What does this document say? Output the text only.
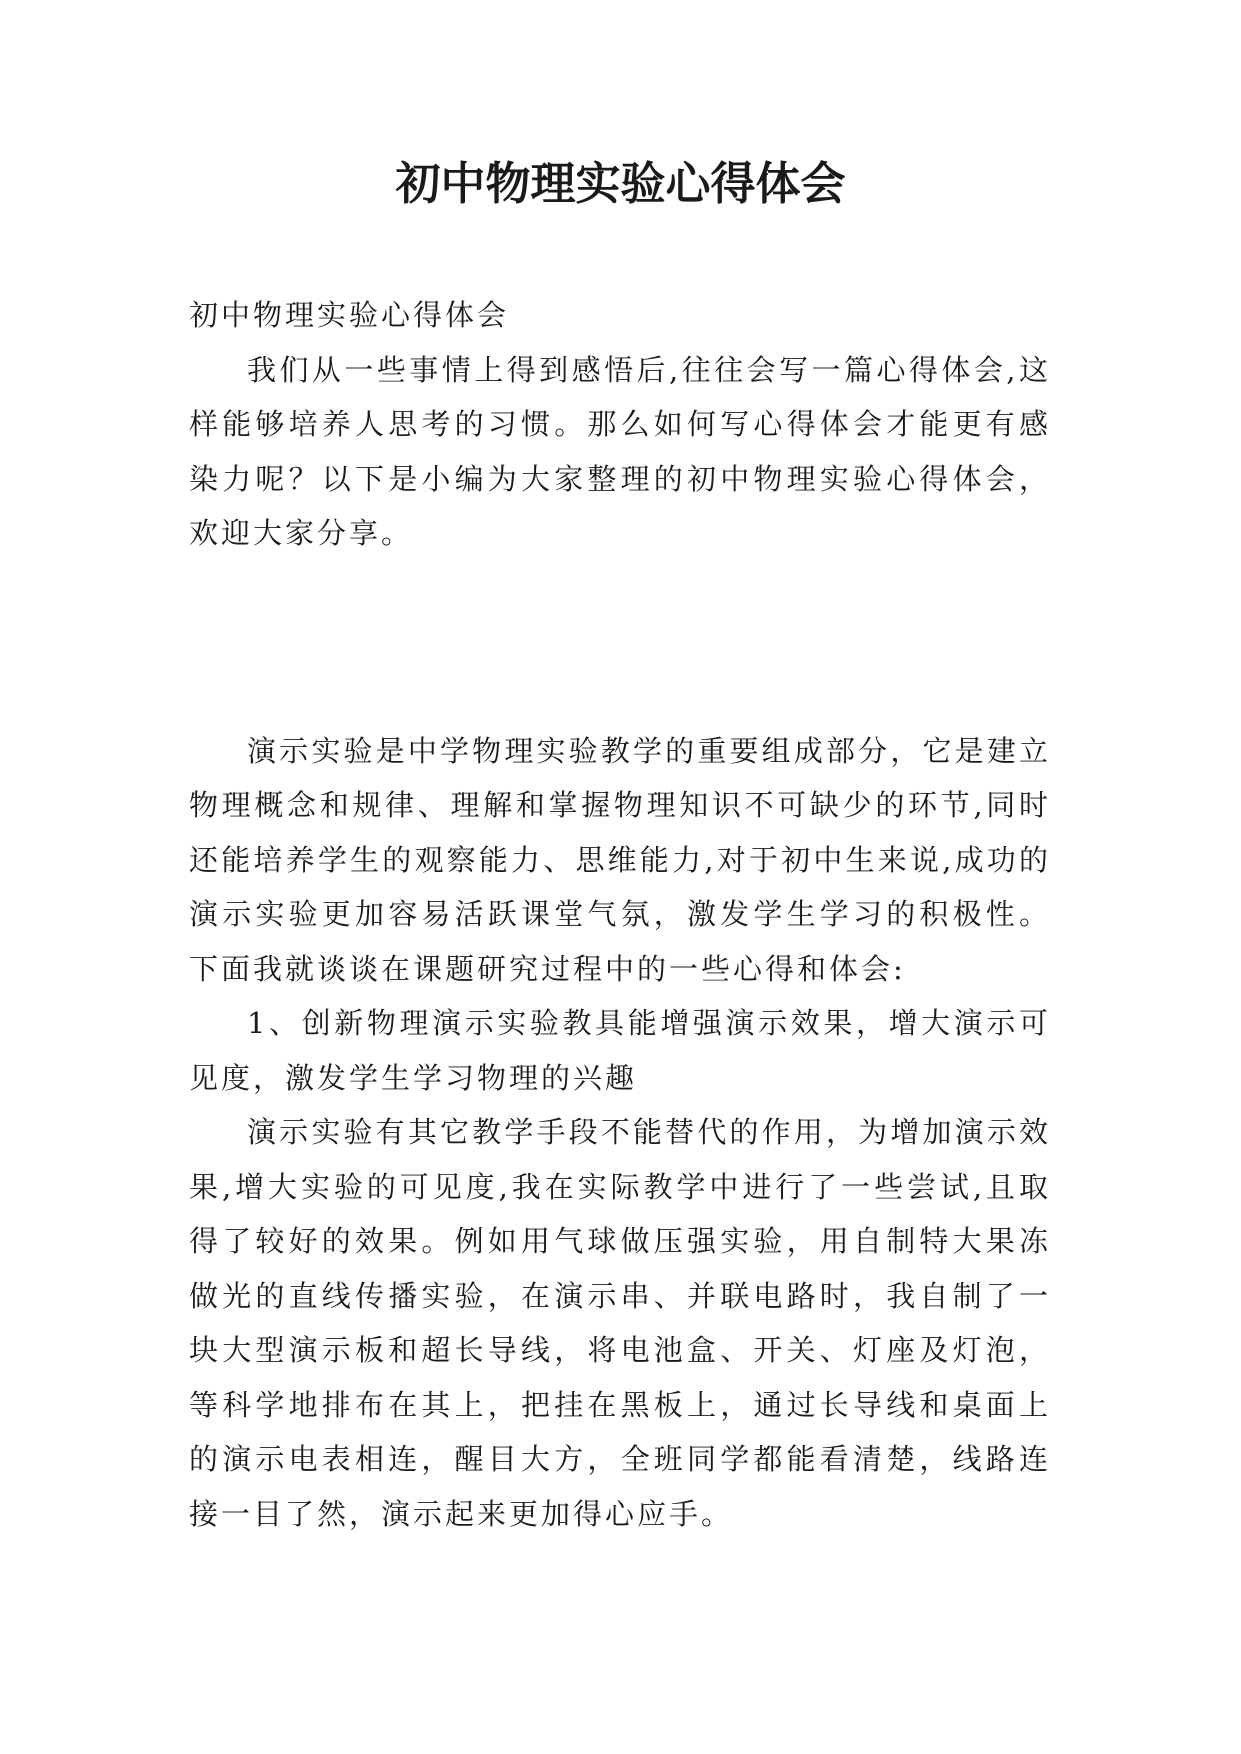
初中物理实验心得体会

初中物理实验心得体会

我们从一些事情上得到感悟后,往往会写一篇心得体会,这样能够培养人思考的习惯。那么如何写心得体会才能更有感染力呢？以下是小编为大家整理的初中物理实验心得体会，欢迎大家分享。

演示实验是中学物理实验教学的重要组成部分，它是建立物理概念和规律、理解和掌握物理知识不可缺少的环节,同时还能培养学生的观察能力、思维能力,对于初中生来说,成功的演示实验更加容易活跃课堂气氛，激发学生学习的积极性。下面我就谈谈在课题研究过程中的一些心得和体会:

1、创新物理演示实验教具能增强演示效果，增大演示可见度，激发学生学习物理的兴趣

演示实验有其它教学手段不能替代的作用，为增加演示效果,增大实验的可见度,我在实际教学中进行了一些尝试,且取得了较好的效果。例如用气球做压强实验，用自制特大果冻做光的直线传播实验，在演示串、并联电路时，我自制了一块大型演示板和超长导线，将电池盒、开关、灯座及灯泡，等科学地排布在其上，把挂在黑板上，通过长导线和桌面上的演示电表相连，醒目大方，全班同学都能看清楚，线路连接一目了然，演示起来更加得心应手。
